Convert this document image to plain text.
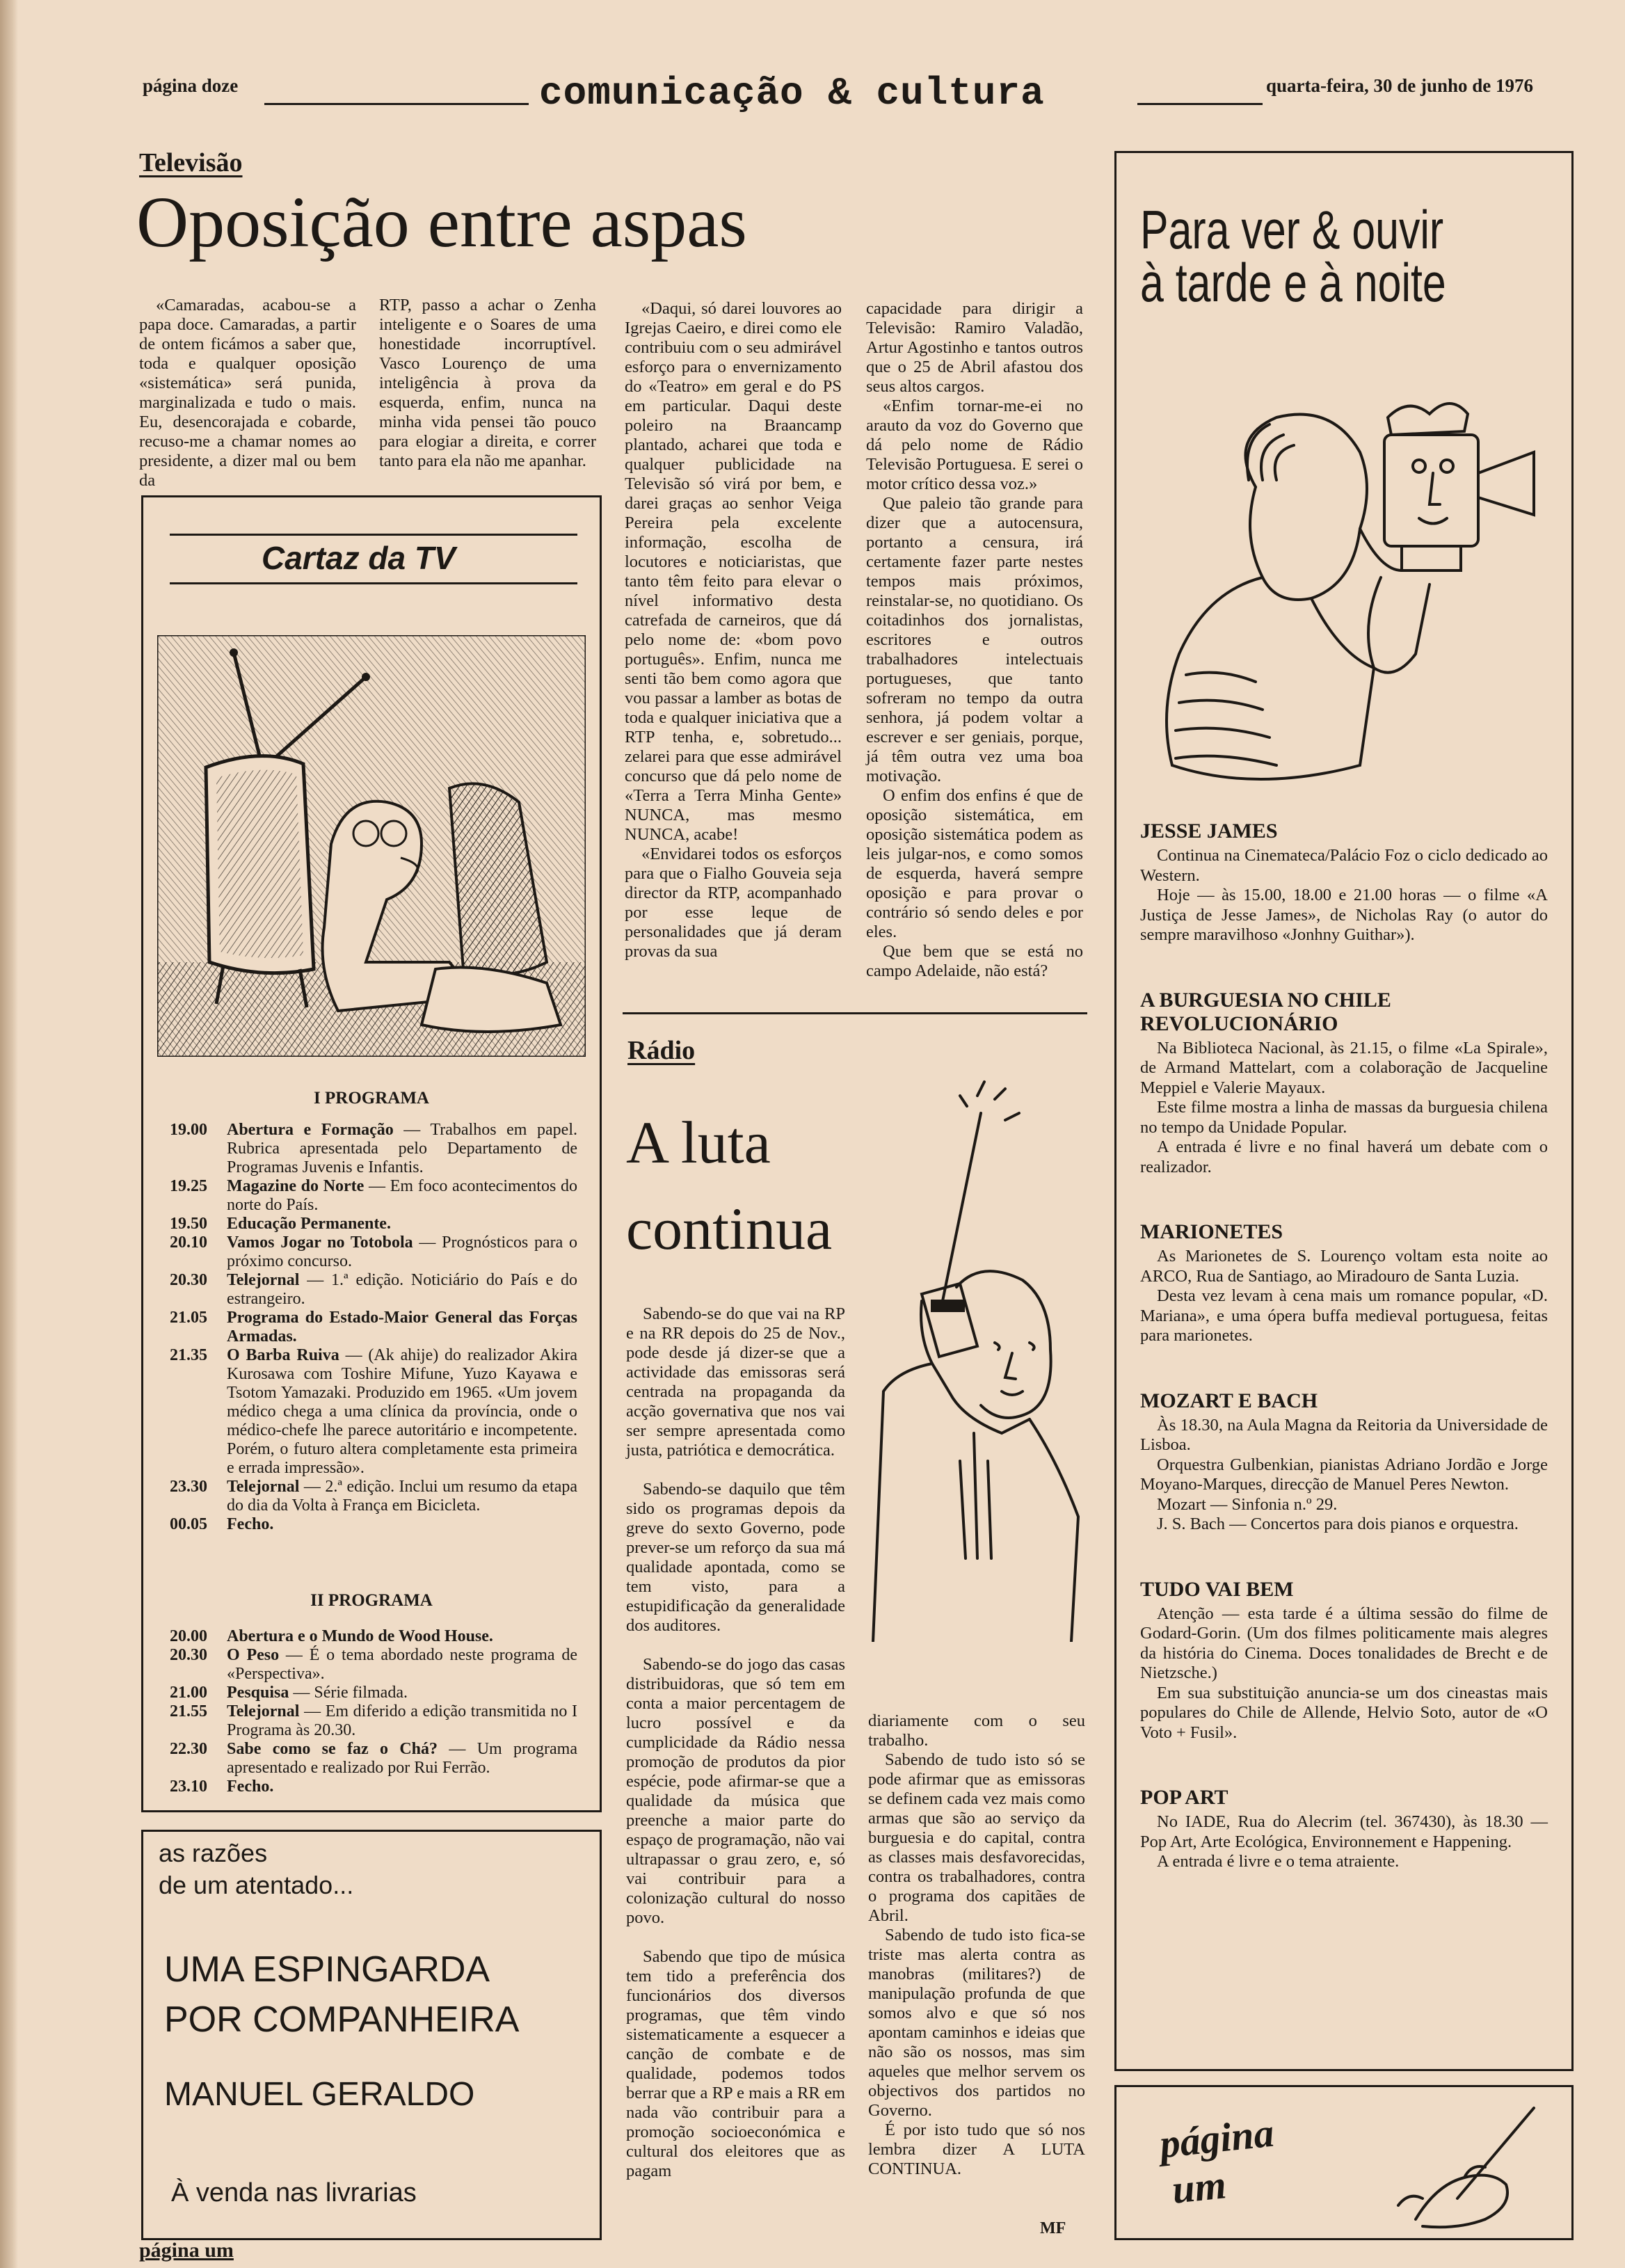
página doze	comunicação & cultura	quarta-feira, 30 de junho de 1976
Televisão
Oposição entre aspas

«Camaradas, acabou-se a papa doce. Camaradas, a partir de ontem ficámos a saber que, toda e qualquer oposição «sistemática» será punida, marginalizada e tudo o mais. Eu, desencorajada e cobarde, recuso-me a chamar nomes ao presidente, a dizer mal ou bem da

RTP, passo a achar o Zenha inteligente e o Soares de uma honestidade incorruptível. Vasco Lourenço de uma inteligência à prova da esquerda, enfim, nunca na minha vida pensei tão pouco para elogiar a direita, e correr tanto para ela não me apanhar.

«Daqui, só darei louvores ao Igrejas Caeiro, e direi como ele contribuiu com o seu admirável esforço para o envernizamento do «Teatro» em geral e do PS em particular. Daqui deste poleiro na Braancamp plantado, acharei que toda e qualquer publicidade na Televisão só virá por bem, e darei graças ao senhor Veiga Pereira pela excelente informação, escolha de locutores e noticiaristas, que tanto têm feito para elevar o nível informativo desta catrefada de carneiros, que dá pelo nome de: «bom povo português». Enfim, nunca me senti tão bem como agora que vou passar a lamber as botas de toda e qualquer iniciativa que a RTP tenha, e, sobretudo... zelarei para que esse admirável concurso que dá pelo nome de «Terra a Terra Minha Gente» NUNCA, mas mesmo NUNCA, acabe!

«Envidarei todos os esforços para que o Fialho Gouveia seja director da RTP, acompanhado por esse leque de personalidades que já deram provas da sua

capacidade para dirigir a Televisão: Ramiro Valadão, Artur Agostinho e tantos outros que o 25 de Abril afastou dos seus altos cargos.

«Enfim tornar-me-ei no arauto da voz do Governo que dá pelo nome de Rádio Televisão Portuguesa. E serei o motor crítico dessa voz.»

Que paleio tão grande para dizer que a autocensura, portanto a censura, irá certamente fazer parte nestes tempos mais próximos, reinstalar-se, no quotidiano. Os coitadinhos dos jornalistas, escritores e outros trabalhadores intelectuais portugueses, que tanto sofreram no tempo da outra senhora, já podem voltar a escrever e ser geniais, porque, já têm outra vez uma boa motivação.

O enfim dos enfins é que de oposição sistemática, em oposição sistemática podem as leis julgar-nos, e como somos de esquerda, haverá sempre oposição e para provar o contrário só sendo deles e por eles.

Que bem que se está no campo Adelaide, não está?

Cartaz da TV
I PROGRAMA
19.00	Abertura e Formação — Trabalhos em papel. Rubrica apresentada pelo Departamento de Programas Juvenis e Infantis.
19.25	Magazine do Norte — Em foco acontecimentos do norte do País.
19.50	Educação Permanente.
20.10	Vamos Jogar no Totobola — Prognósticos para o próximo concurso.
20.30	Telejornal — 1.ª edição. Noticiário do País e do estrangeiro.
21.05	Programa do Estado-Maior General das Forças Armadas.
21.35	O Barba Ruiva — (Ak ahije) do realizador Akira Kurosawa com Toshire Mifune, Yuzo Kayawa e Tsotom Yamazaki. Produzido em 1965. «Um jovem médico chega a uma clínica da província, onde o médico-chefe lhe parece autoritário e incompetente. Porém, o futuro altera completamente esta primeira e errada impressão».
23.30	Telejornal — 2.ª edição. Inclui um resumo da etapa do dia da Volta à França em Bicicleta.
00.05	Fecho.
II PROGRAMA
20.00	Abertura e o Mundo de Wood House.
20.30	O Peso — É o tema abordado neste programa de «Perspectiva».
21.00	Pesquisa — Série filmada.
21.55	Telejornal — Em diferido a edição transmitida no I Programa às 20.30.
22.30	Sabe como se faz o Chá? — Um programa apresentado e realizado por Rui Ferrão.
23.10	Fecho.
as razões
de um atentado...
UMA ESPINGARDA
POR COMPANHEIRA
MANUEL GERALDO
À venda nas livrarias
Rádio
A luta
continua

Sabendo-se do que vai na RP e na RR depois do 25 de Nov., pode desde já dizer-se que a actividade das emissoras será centrada na propaganda da acção governativa que nos vai ser sempre apresentada como justa, patriótica e democrática.

Sabendo-se daquilo que têm sido os programas depois da greve do sexto Governo, pode prever-se um reforço da sua má qualidade apontada, como se tem visto, para a estupidificação da generalidade dos auditores.

Sabendo-se do jogo das casas distribuidoras, que só tem em conta a maior percentagem de lucro possível e da cumplicidade da Rádio nessa promoção de produtos da pior espécie, pode afirmar-se que a qualidade da música que preenche a maior parte do espaço de programação, não vai ultrapassar o grau zero, e, só vai contribuir para a colonização cultural do nosso povo.

Sabendo que tipo de música tem tido a preferência dos funcionários dos diversos programas, que têm vindo sistematicamente a esquecer a canção de combate e de qualidade, podemos todos berrar que a RP e mais a RR em nada vão contribuir para a promoção socioeconómica e cultural dos eleitores que as pagam

diariamente com o seu trabalho.

Sabendo de tudo isto só se pode afirmar que as emissoras se definem cada vez mais como armas que são ao serviço da burguesia e do capital, contra as classes mais desfavorecidas, contra os trabalhadores, contra o programa dos capitães de Abril.

Sabendo de tudo isto fica-se triste mas alerta contra as manobras (militares?) de manipulação profunda de que somos alvo e que só nos apontam caminhos e ideias que não são os nossos, mas sim aqueles que melhor servem os objectivos dos partidos no Governo.

É por isto tudo que só nos lembra dizer A LUTA CONTINUA.

MF
Para ver & ouvir
à tarde e à noite
JESSE JAMES

Continua na Cinemateca/Palácio Foz o ciclo dedicado ao Western.

Hoje — às 15.00, 18.00 e 21.00 horas — o filme «A Justiça de Jesse James», de Nicholas Ray (o autor do sempre maravilhoso «Jonhny Guithar»).

A BURGUESIA NO CHILE REVOLUCIONÁRIO

Na Biblioteca Nacional, às 21.15, o filme «La Spirale», de Armand Mattelart, com a colaboração de Jacqueline Meppiel e Valerie Mayaux.

Este filme mostra a linha de massas da burguesia chilena no tempo da Unidade Popular.

A entrada é livre e no final haverá um debate com o realizador.

MARIONETES

As Marionetes de S. Lourenço voltam esta noite ao ARCO, Rua de Santiago, ao Miradouro de Santa Luzia.

Desta vez levam à cena mais um romance popular, «D. Mariana», e uma ópera buffa medieval portuguesa, feitas para marionetes.

MOZART E BACH

Às 18.30, na Aula Magna da Reitoria da Universidade de Lisboa.

Orquestra Gulbenkian, pianistas Adriano Jordão e Jorge Moyano-Marques, direcção de Manuel Peres Newton.

Mozart — Sinfonia n.º 29.

J. S. Bach — Concertos para dois pianos e orquestra.

TUDO VAI BEM

Atenção — esta tarde é a última sessão do filme de Godard-Gorin. (Um dos filmes politicamente mais alegres da história do Cinema. Doces tonalidades de Brecht e de Nietzsche.)

Em sua substituição anuncia-se um dos cineastas mais populares do Chile de Allende, Helvio Soto, autor de «O Voto + Fusil».

POP ART

No IADE, Rua do Alecrim (tel. 367430), às 18.30 — Pop Art, Arte Ecológica, Environnement e Happening.

A entrada é livre e o tema atraiente.

página
um
página um
